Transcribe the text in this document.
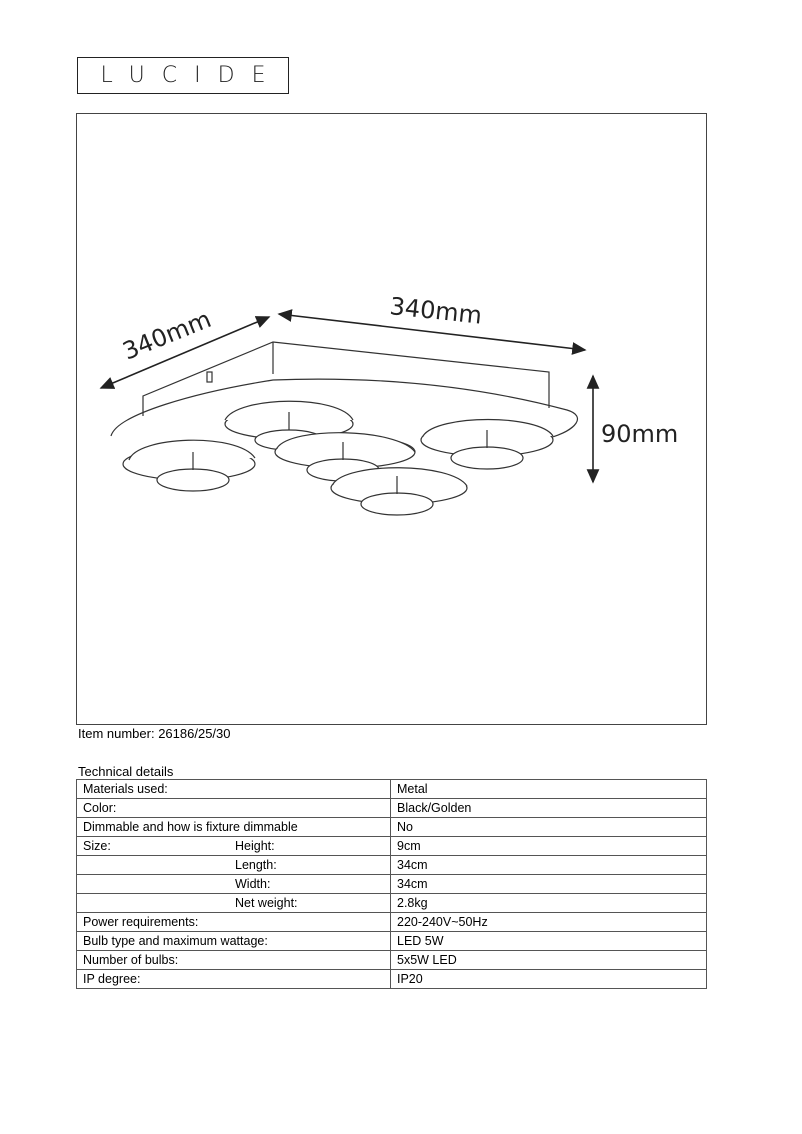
LUCIDE
340mm	340mm
90mm
Item number: 26186/25/30
Technical details
Materials used:	Metal
Color:	Black/Golden
Dimmable and how is fixture dimmable	No
Size: Height:	9cm
Length:	34cm
Width:	34cm
Net weight:	2.8kg
Power requirements:	220-240V~50Hz
Bulb type and maximum wattage:	LED 5W
Number of bulbs:	5x5W LED
IP degree:	IP20
